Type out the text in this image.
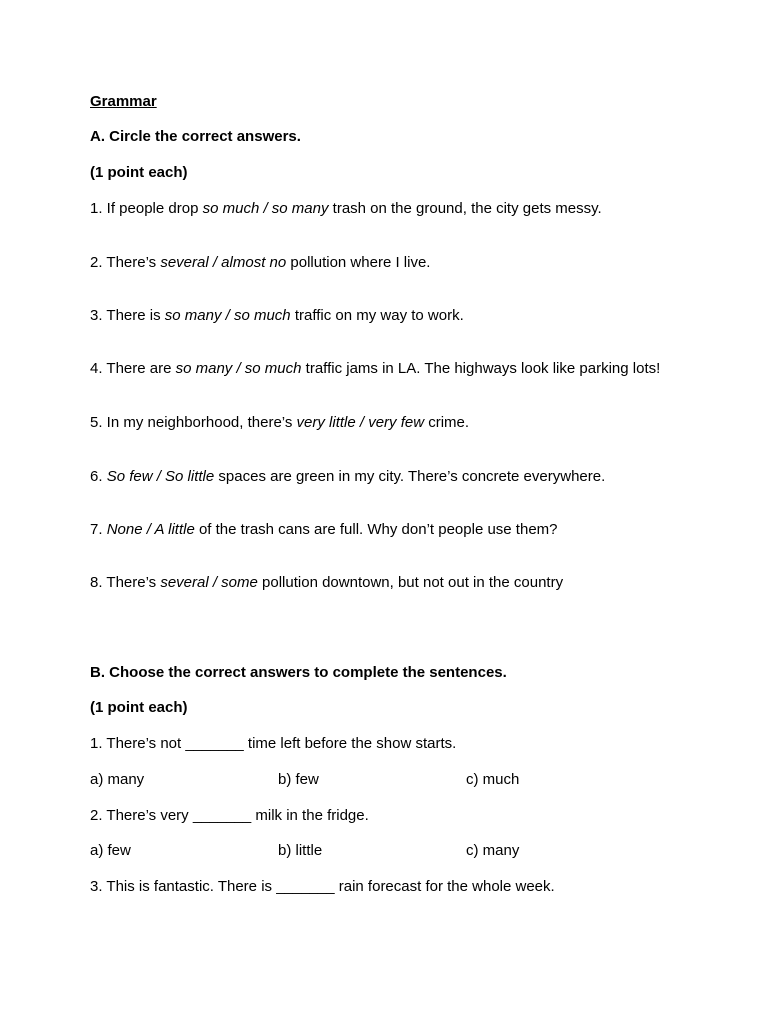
Grammar
A. Circle the correct answers.
(1 point each)
1. If people drop so much / so many trash on the ground, the city gets messy.
2. There’s several / almost no pollution where I live.
3. There is so many / so much traffic on my way to work.
4. There are so many / so much traffic jams in LA. The highways look like parking lots!
5. In my neighborhood, there’s very little / very few crime.
6. So few / So little spaces are green in my city. There’s concrete everywhere.
7. None / A little of the trash cans are full. Why don’t people use them?
8. There’s several / some pollution downtown, but not out in the country
B. Choose the correct answers to complete the sentences.
(1 point each)
1. There’s not _______ time left before the show starts.
a) many	b) few	c) much
2. There’s very _______ milk in the fridge.
a) few	b) little	c) many
3. This is fantastic. There is _______ rain forecast for the whole week.
